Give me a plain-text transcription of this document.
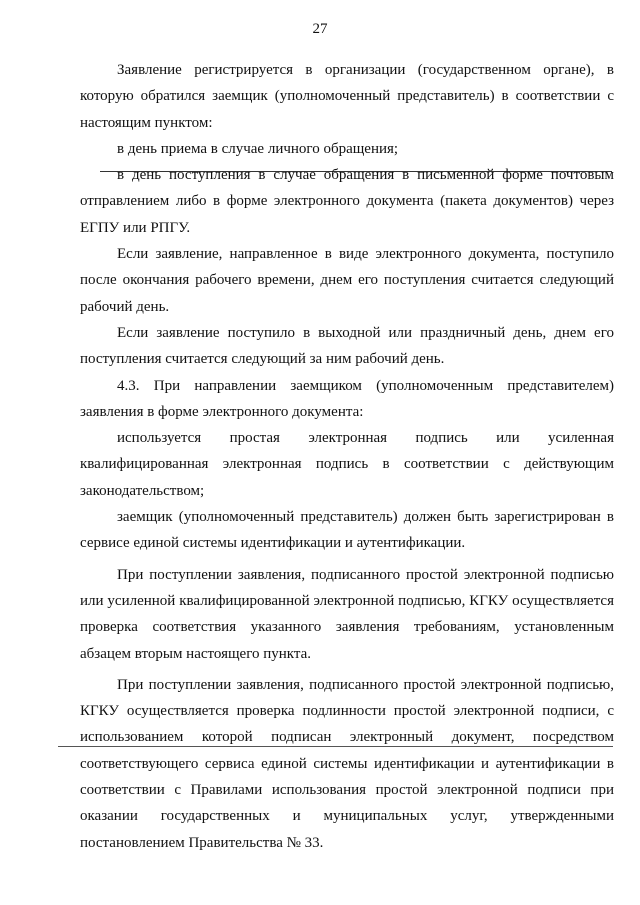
27

Заявление регистрируется в организации (государственном органе), в которую обратился заемщик (уполномоченный представитель) в соответствии с настоящим пунктом:

в день приема в случае личного обращения;

в день поступления в случае обращения в письменной форме почтовым отправлением либо в форме электронного документа (пакета документов) через ЕГПУ или РПГУ.

Если заявление, направленное в виде электронного документа, поступило после окончания рабочего времени, днем его поступления считается следующий рабочий день.

Если заявление поступило в выходной или праздничный день, днем его поступления считается следующий за ним рабочий день.

4.3. При направлении заемщиком (уполномоченным представителем) заявления в форме электронного документа:

используется простая электронная подпись или усиленная квалифицированная электронная подпись в соответствии с действующим законодательством;

заемщик (уполномоченный представитель) должен быть зарегистрирован в сервисе единой системы идентификации и аутентификации.

При поступлении заявления, подписанного простой электронной подписью или усиленной квалифицированной электронной подписью, КГКУ осуществляется проверка соответствия указанного заявления требованиям, установленным абзацем вторым настоящего пункта.

При поступлении заявления, подписанного простой электронной подписью, КГКУ осуществляется проверка подлинности простой электронной подписи, с использованием которой подписан электронный документ, посредством соответствующего сервиса единой системы идентификации и аутентификации в соответствии с Правилами использования простой электронной подписи при оказании государственных и муниципальных услуг, утвержденными постановлением Правительства № 33.
